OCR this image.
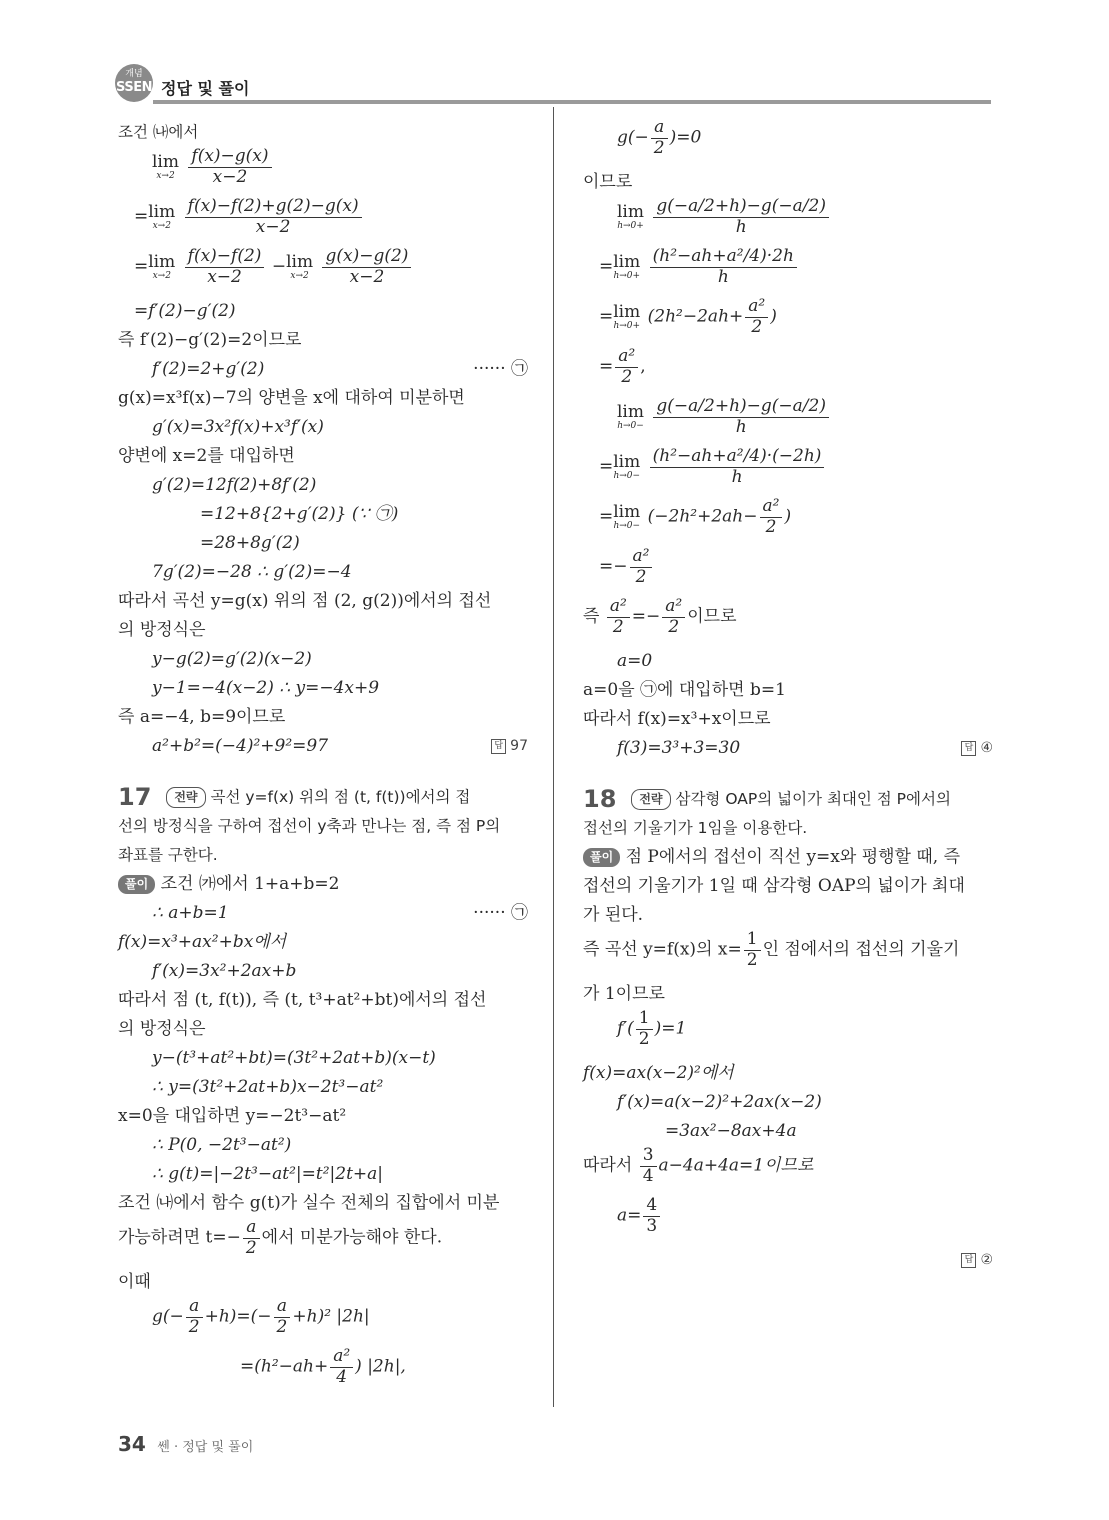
개념
SSEN 정답 및 풀이
조건 ㈏에서
lim
x→2
$\frac{f(x)-g(x)}{x-2}$
=lim
x→2
$\frac{f(x)-f(2)+g(2)-g(x)}{x-2}$
=lim
x→2
$\frac{f(x)-f(2)}{x-2} -\lim$
x→2
$\frac{g(x)-g(2)}{x-2}$
=f′(2)−g′(2)
즉 f′(2)−g′(2)=2이므로
f′(2)=2+g′(2)	······ ㉠
g(x)=x³f(x)−7의 양변을 x에 대하여 미분하면
g′(x)=3x²f(x)+x³f′(x)
양변에 x=2를 대입하면
g′(2)=12f(2)+8f′(2)
=12+8{2+g′(2)} (∵ ㉠)
=28+8g′(2)
7g′(2)=−28 ∴ g′(2)=−4
따라서 곡선 y=g(x) 위의 점 (2, g(2))에서의 접선
의 방정식은
y−g(2)=g′(2)(x−2)
y−1=−4(x−2) ∴ y=−4x+9
즉 a=−4, b=9이므로
a²+b²=(−4)²+9²=97	답 97
17 전략 곡선 y=f(x) 위의 점 (t, f(t))에서의 접
선의 방정식을 구하여 접선이 y축과 만나는 점, 즉 점 P의
좌표를 구한다.
풀이 조건 ㈎에서 1+a+b=2
∴ a+b=1	······ ㉠
f(x)=x³+ax²+bx에서
f′(x)=3x²+2ax+b
따라서 점 (t, f(t)), 즉 (t, t³+at²+bt)에서의 접선
의 방정식은
y−(t³+at²+bt)=(3t²+2at+b)(x−t)
∴ y=(3t²+2at+b)x−2t³−at²
x=0을 대입하면 y=−2t³−at²
∴ P(0, −2t³−at²)
∴ g(t)=|−2t³−at²|=t²|2t+a|
조건 ㈏에서 함수 g(t)가 실수 전체의 집합에서 미분
가능하려면 $t=- \frac{a}{2}$ 에서 미분가능해야 한다.
이때
$g(- \frac{a}{2} +h)=(- \frac{a}{2} +h)^2$ |2h|
$=(h^2-ah+ \frac{\text{a²}}{4}$ ) |2h|,
$g(- \frac{a}{2} )=0$
이므로
lim
h→0+
$\frac{g(-a/2+h)-g(-a/2)}{h}$
=lim
h→0+
$\frac{\text{(h²−ah+a²/4)·2h}}{h}$
=lim
$h\to 0+ (2h^2-2ah+ \frac{\text{a²}}{2}$ )
= $\frac{\text{a²}}{2}$ ,
lim
h→0−
$\frac{g(-a/2+h)-g(-a/2)}{h}$
=lim
h→0−
$\frac{\text{(h²−ah+a²/4)·(−2h)}}{h}$
=lim
$h\to 0- (-2h^2+2ah- \frac{\text{a²}}{2}$ )
=− $\frac{\text{a²}}{2}$
즉 $\frac{\text{a²}}{2} =- \frac{\text{a²}}{2}$ 이므로
a=0
a=0을 ㉠에 대입하면 b=1
따라서 f(x)=x³+x이므로
f(3)=3³+3=30	답 ④
18 전략 삼각형 OAP의 넓이가 최대인 점 P에서의
접선의 기울기가 1임을 이용한다.
풀이 점 P에서의 접선이 직선 y=x와 평행할 때, 즉
접선의 기울기가 1일 때 삼각형 OAP의 넓이가 최대
가 된다.
즉 곡선 y=f(x)의 $x= \frac{1}{2}$ 인 점에서의 접선의 기울기
가 1이므로
$f'( \frac{1}{2} )=1$
f(x)=ax(x−2)²에서
f′(x)=a(x−2)²+2ax(x−2)
=3ax²−8ax+4a
따라서 $\frac{3}{4} a-4a+4a=1$이므로
$a= \frac{4}{3}$
답 ②
34 쎈 · 정답 및 풀이
